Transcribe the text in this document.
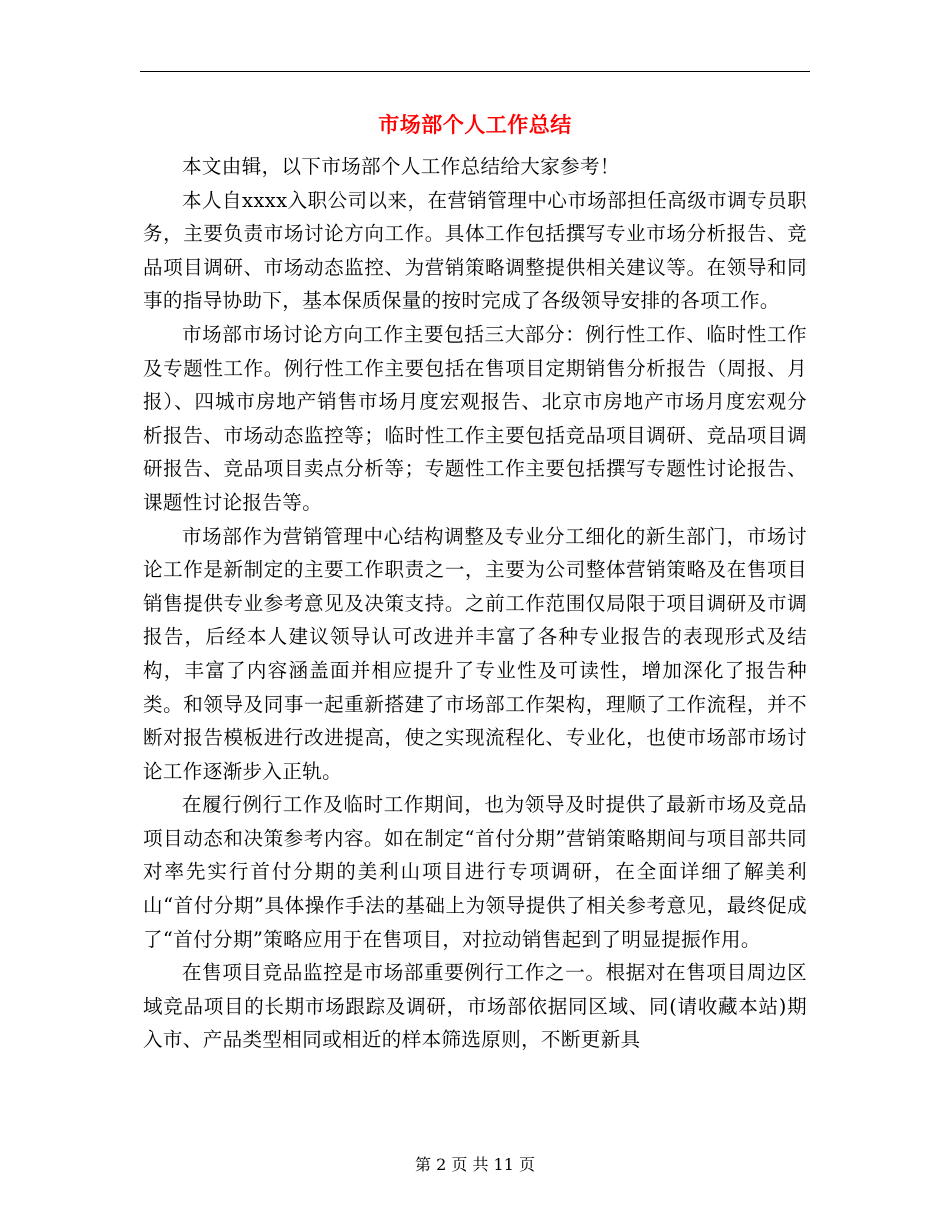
市场部个人工作总结

本文由辑，以下市场部个人工作总结给大家参考！

本人自xxxx入职公司以来，在营销管理中心市场部担任高级市调专员职务，主要负责市场讨论方向工作。具体工作包括撰写专业市场分析报告、竞品项目调研、市场动态监控、为营销策略调整提供相关建议等。在领导和同事的指导协助下，基本保质保量的按时完成了各级领导安排的各项工作。

市场部市场讨论方向工作主要包括三大部分：例行性工作、临时性工作及专题性工作。例行性工作主要包括在售项目定期销售分析报告（周报、月报）、四城市房地产销售市场月度宏观报告、北京市房地产市场月度宏观分析报告、市场动态监控等；临时性工作主要包括竞品项目调研、竞品项目调研报告、竞品项目卖点分析等；专题性工作主要包括撰写专题性讨论报告、课题性讨论报告等。

市场部作为营销管理中心结构调整及专业分工细化的新生部门，市场讨论工作是新制定的主要工作职责之一，主要为公司整体营销策略及在售项目销售提供专业参考意见及决策支持。之前工作范围仅局限于项目调研及市调报告，后经本人建议领导认可改进并丰富了各种专业报告的表现形式及结构，丰富了内容涵盖面并相应提升了专业性及可读性，增加深化了报告种类。和领导及同事一起重新搭建了市场部工作架构，理顺了工作流程，并不断对报告模板进行改进提高，使之实现流程化、专业化，也使市场部市场讨论工作逐渐步入正轨。

在履行例行工作及临时工作期间，也为领导及时提供了最新市场及竞品项目动态和决策参考内容。如在制定“首付分期”营销策略期间与项目部共同对率先实行首付分期的美利山项目进行专项调研，在全面详细了解美利山“首付分期”具体操作手法的基础上为领导提供了相关参考意见，最终促成了“首付分期”策略应用于在售项目，对拉动销售起到了明显提振作用。

在售项目竞品监控是市场部重要例行工作之一。根据对在售项目周边区域竞品项目的长期市场跟踪及调研，市场部依据同区域、同(请收藏本站)期入市、产品类型相同或相近的样本筛选原则，不断更新具

第 2 页 共 11 页
